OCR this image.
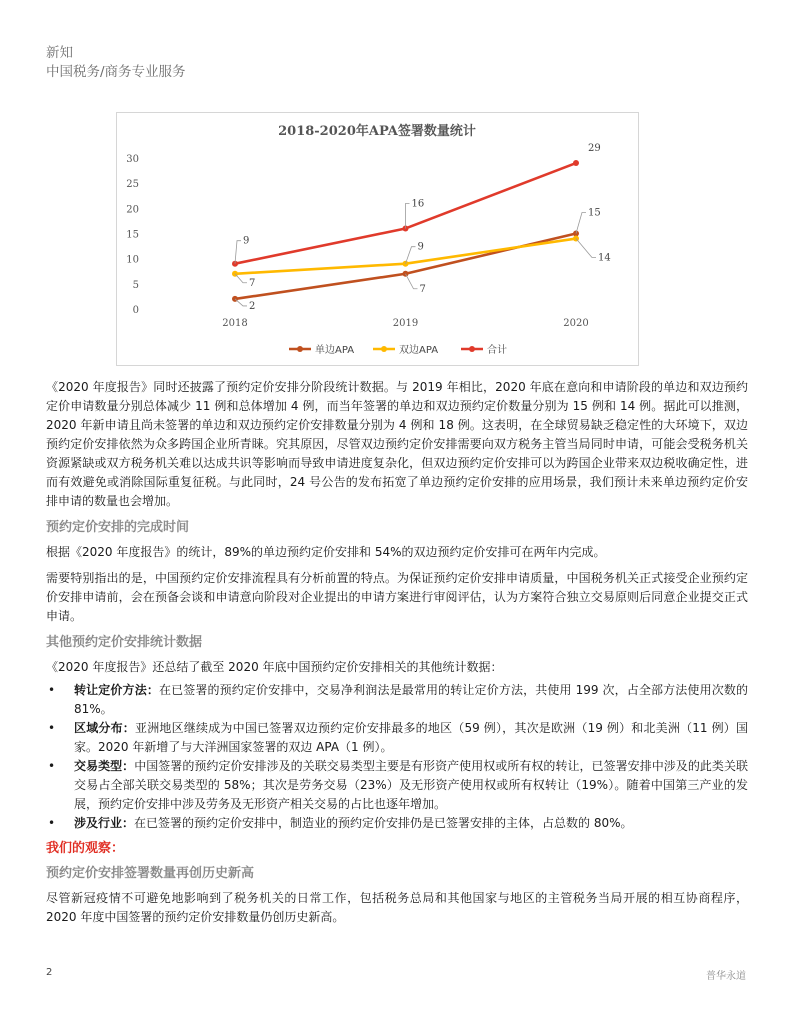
新知
中国税务/商务专业服务
2018-2020年APA签署数量统计
0
5
10
15
20
25
30
2018	2019	2020
2
7
15
7
9
14
9
16
29
单边APA	双边APA	合计

《2020 年度报告》同时还披露了预约定价安排分阶段统计数据。与 2019 年相比，2020 年底在意向和申请阶段的单边和双边预约定价申请数量分别总体减少 11 例和总体增加 4 例，而当年签署的单边和双边预约定价数量分别为 15 例和 14 例。据此可以推测，2020 年新申请且尚未签署的单边和双边预约定价安排数量分别为 4 例和 18 例。这表明，在全球贸易缺乏稳定性的大环境下，双边预约定价安排依然为众多跨国企业所青睐。究其原因，尽管双边预约定价安排需要向双方税务主管当局同时申请，可能会受税务机关资源紧缺或双方税务机关难以达成共识等影响而导致申请进度复杂化，但双边预约定价安排可以为跨国企业带来双边税收确定性，进而有效避免或消除国际重复征税。与此同时，24 号公告的发布拓宽了单边预约定价安排的应用场景，我们预计未来单边预约定价安排申请的数量也会增加。

预约定价安排的完成时间

根据《2020 年度报告》的统计，89%的单边预约定价安排和 54%的双边预约定价安排可在两年内完成。

需要特别指出的是，中国预约定价安排流程具有分析前置的特点。为保证预约定价安排申请质量，中国税务机关正式接受企业预约定价安排申请前，会在预备会谈和申请意向阶段对企业提出的申请方案进行审阅评估，认为方案符合独立交易原则后同意企业提交正式申请。

其他预约定价安排统计数据

《2020 年度报告》还总结了截至 2020 年底中国预约定价安排相关的其他统计数据：

• 转让定价方法：在已签署的预约定价安排中，交易净利润法是最常用的转让定价方法，共使用 199 次，占全部方法使用次数的 81%。
• 区域分布：亚洲地区继续成为中国已签署双边预约定价安排最多的地区（59 例），其次是欧洲（19 例）和北美洲（11 例）国家。2020 年新增了与大洋洲国家签署的双边 APA（1 例）。
• 交易类型：中国签署的预约定价安排涉及的关联交易类型主要是有形资产使用权或所有权的转让，已签署安排中涉及的此类关联交易占全部关联交易类型的 58%；其次是劳务交易（23%）及无形资产使用权或所有权转让（19%）。随着中国第三产业的发展，预约定价安排中涉及劳务及无形资产相关交易的占比也逐年增加。
• 涉及行业：在已签署的预约定价安排中，制造业的预约定价安排仍是已签署安排的主体，占总数的 80%。

我们的观察：

预约定价安排签署数量再创历史新高

尽管新冠疫情不可避免地影响到了税务机关的日常工作，包括税务总局和其他国家与地区的主管税务当局开展的相互协商程序，2020 年度中国签署的预约定价安排数量仍创历史新高。

2	普华永道
